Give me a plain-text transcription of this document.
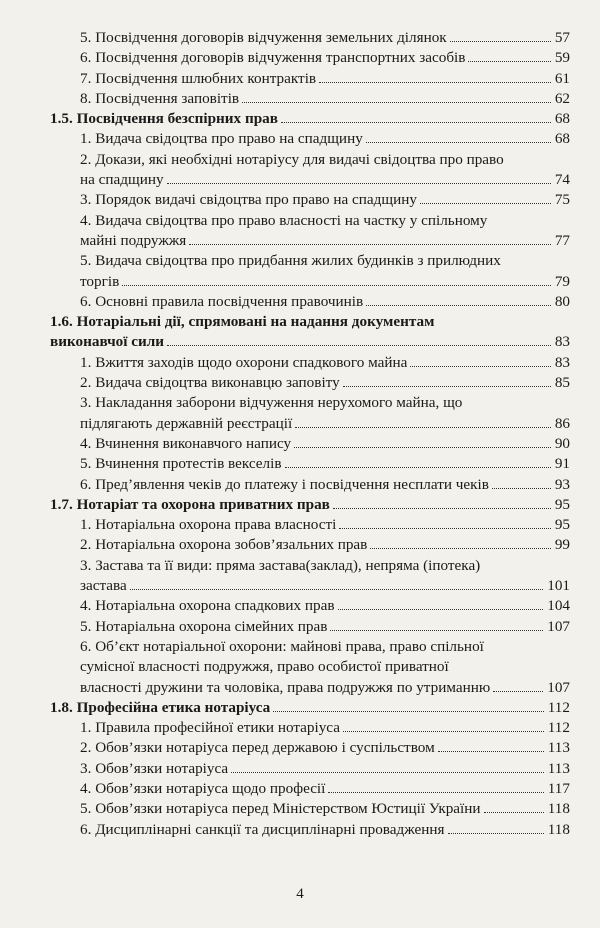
5. Посвідчення договорів відчуження земельних ділянок	57
6. Посвідчення договорів відчуження транспортних засобів	59
7. Посвідчення шлюбних контрактів	61
8. Посвідчення заповітів	62
1.5. Посвідчення безспірних прав	68
1. Видача свідоцтва про право на спадщину	68
2. Докази, які необхідні нотаріусу для видачі свідоцтва про право
на спадщину	74
3. Порядок видачі свідоцтва про право на спадщину	75
4. Видача свідоцтва про право власності на частку у спільному
майні подружжя	77
5. Видача свідоцтва про придбання жилих будинків з прилюдних
торгів	79
6. Основні правила посвідчення правочинів	80
1.6. Нотаріальні дії, спрямовані на надання документам
виконавчої сили	83
1. Вжиття заходів щодо охорони спадкового майна	83
2. Видача свідоцтва виконавцю заповіту	85
3. Накладання заборони відчуження нерухомого майна, що
підлягають державній реєстрації	86
4. Вчинення виконавчого напису	90
5. Вчинення протестів векселів	91
6. Пред’явлення чеків до платежу і посвідчення несплати чеків	93
1.7. Нотаріат та охорона приватних прав	95
1. Нотаріальна охорона права власності	95
2. Нотаріальна охорона зобов’язальних прав	99
3. Застава та її види: пряма застава(заклад), непряма (іпотека)
застава	101
4. Нотаріальна охорона спадкових прав	104
5. Нотаріальна охорона сімейних прав	107
6. Об’єкт нотаріальної охорони: майнові права, право спільної
сумісної власності подружжя, право особистої приватної
власності дружини та чоловіка, права подружжя по утриманню	107
1.8. Професійна етика нотаріуса	112
1. Правила професійної етики нотаріуса	112
2. Обов’язки нотаріуса перед державою і суспільством	113
3. Обов’язки нотаріуса	113
4. Обов’язки нотаріуса щодо професії	117
5. Обов’язки нотаріуса перед Міністерством Юстиції України	118
6. Дисциплінарні санкції та дисциплінарні провадження	118
4
